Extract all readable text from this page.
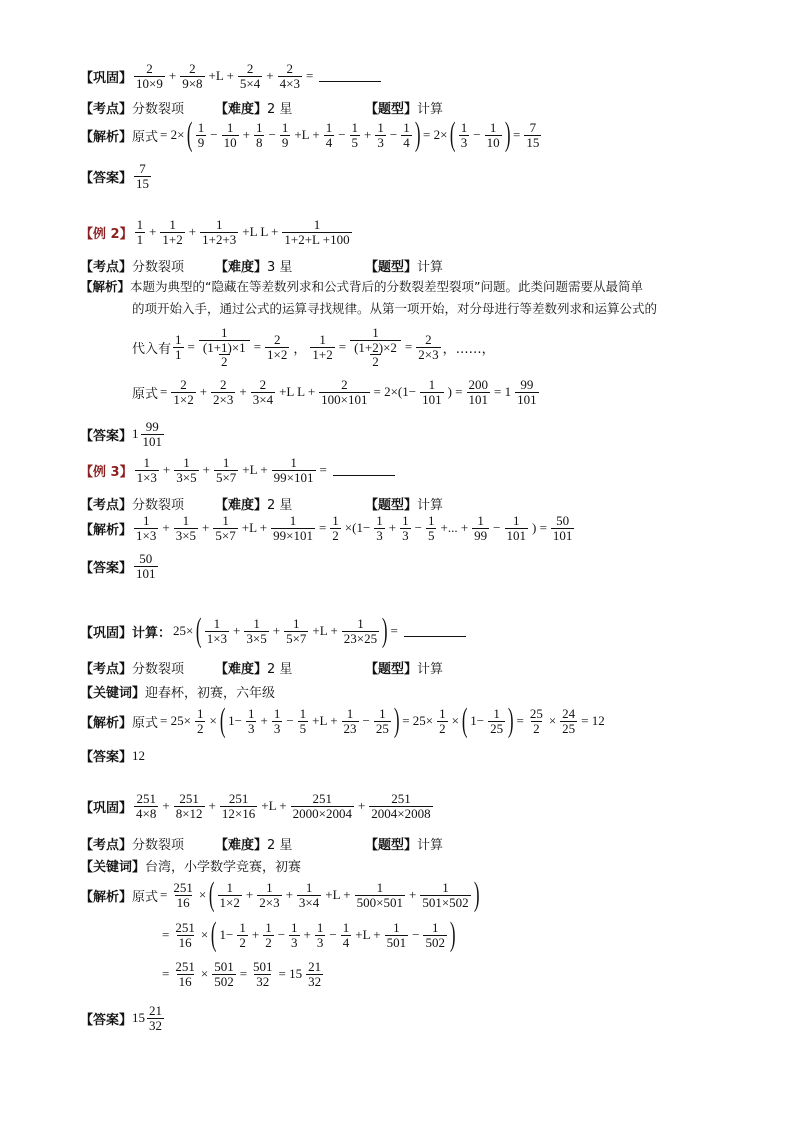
【巩固】 $\frac{2}{10\times 9} + \frac{2}{9\times 8} +L + \frac{2}{5\times 4} + \frac{2}{4\times 3}$ =
【考点】分数裂项	【难度】2 星	【题型】计算
【解析】 原式 = 2× ( $\frac{1}{9} - \frac{1}{10} + \frac{1}{8} - \frac{1}{9} +L + \frac{1}{4} - \frac{1}{5} + \frac{1}{3} - \frac{1}{4}$ ) = 2× ( $\frac{1}{3} - \frac{1}{10}$ ) = $\frac{7}{15}$
【答案】 $\frac{7}{15}$
【例 2】 $\frac{1}{1} + \frac{1}{1+2} + \frac{1}{1+2+3} +L$ $L + \frac{1}{1+2+L +100}$
【考点】分数裂项	【难度】3 星	【题型】计算
【解析】本题为典型的“隐藏在等差数列求和公式背后的分数裂差型裂项”问题。此类问题需要从最简单
的项开始入手，通过公式的运算寻找规律。从第一项开始，对分母进行等差数列求和运算公式的
代入有 $\frac{1}{1} = \frac{1}{\frac{(1+1)\times 1}{2}} = \frac{2}{1\times 2}$ ， $\frac{1}{1+2} = \frac{1}{\frac{(1+2)\times 2}{2}} = \frac{2}{2\times 3}$ ，……，
原式 = $\frac{2}{1\times 2} + \frac{2}{2\times 3} + \frac{2}{3\times 4} +L$ $L + \frac{2}{100\times 101} = 2\times(1- \frac{1}{101}$ ) = $\frac{200}{101} = 1 \frac{99}{101}$
【答案】 $1 \frac{99}{101}$
【例 3】 $\frac{1}{1\times 3} + \frac{1}{3\times 5} + \frac{1}{5\times 7} +L + \frac{1}{99\times 101}$ =
【考点】分数裂项	【难度】2 星	【题型】计算
【解析】 $\frac{1}{1\times 3} + \frac{1}{3\times 5} + \frac{1}{5\times 7} +L + \frac{1}{99\times 101} = \frac{1}{2} \times(1- \frac{1}{3} + \frac{1}{3} - \frac{1}{5}$ +... + $\frac{1}{99} - \frac{1}{101}$ ) = $\frac{50}{101}$
【答案】 $\frac{50}{101}$
【巩固】 计算： 25× ( $\frac{1}{1\times 3} + \frac{1}{3\times 5} + \frac{1}{5\times 7} +L + \frac{1}{23\times 25}$ ) =
【考点】分数裂项	【难度】2 星	【题型】计算
【关键词】 迎春杯，初赛，六年级
【解析】 原式 = $25\times \frac{1}{2}$ × ( $1- \frac{1}{3} + \frac{1}{3} - \frac{1}{5} +L + \frac{1}{23} - \frac{1}{25}$ ) = $25\times \frac{1}{2}$ × ( $1- \frac{1}{25}$ ) = $\frac{25}{2} \times \frac{24}{25} = 12$
【答案】 12
【巩固】 $\frac{251}{4\times 8} + \frac{251}{8\times 12} + \frac{251}{12\times 16} +L + \frac{251}{2000\times 2004} + \frac{251}{2004\times 2008}$
【考点】分数裂项	【难度】2 星	【题型】计算
【关键词】 台湾，小学数学竞赛，初赛
【解析】 原式 = $\frac{251}{16}$ × ( $\frac{1}{1\times 2} + \frac{1}{2\times 3} + \frac{1}{3\times 4} +L + \frac{1}{500\times 501} + \frac{1}{501\times 502}$ )
= $\frac{251}{16}$ × ( $1- \frac{1}{2} + \frac{1}{2} - \frac{1}{3} + \frac{1}{3} - \frac{1}{4} +L + \frac{1}{501} - \frac{1}{502}$ )
= $\frac{251}{16} \times \frac{501}{502} = \frac{501}{32} = 15 \frac{21}{32}$
【答案】 $15 \frac{21}{32}$
